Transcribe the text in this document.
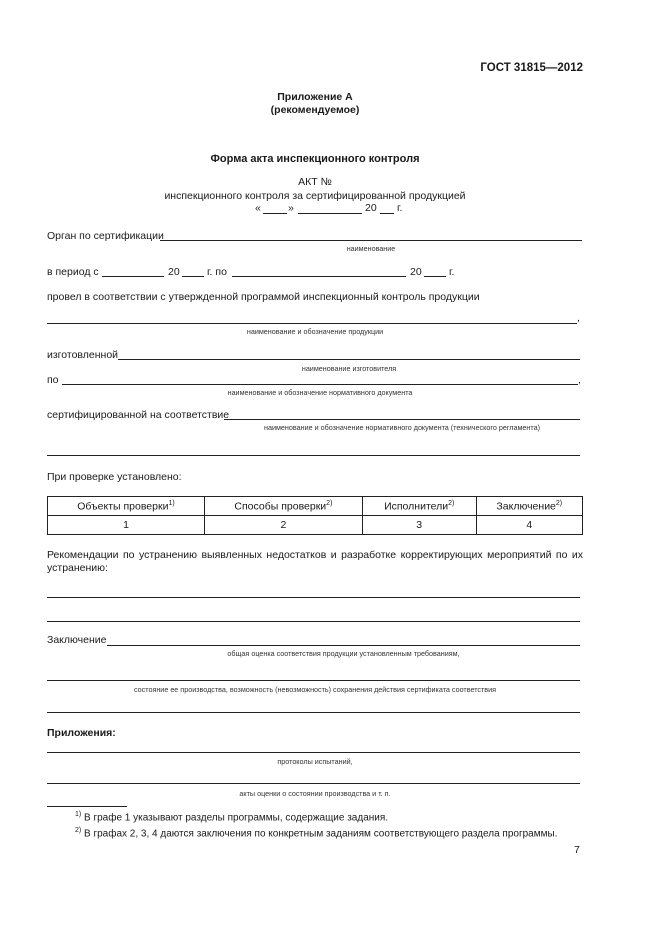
ГОСТ 31815—2012
Приложение А
(рекомендуемое)
Форма акта инспекционного контроля
АКТ №
инспекционного контроля за сертифицированной продукцией
«	»	20 г.
Орган по сертификации
наименование
в период с	20	г. по	20	г.
провел в соответствии с утвержденной программой инспекционный контроль продукции
,
наименование и обозначение продукции
изготовленной
наименование изготовителя
по	,
наименование и обозначение нормативного документа
сертифицированной на соответствие
наименование и обозначение нормативного документа (технического регламента)
При проверке установлено:
Объекты проверки$^{1)}$	Способы проверки$^{2)}$	Исполнители$^{2)}$	Заключение$^{2)}$
1	2	3	4
Рекомендации по устранению выявленных недостатков и разработке корректирующих мероприятий по их устранению:
Заключение
общая оценка соответствия продукции установленным требованиям,
состояние ее производства, возможность (невозможность) сохранения действия сертификата соответствия
Приложения:
протоколы испытаний,
акты оценки о состоянии производства и т. п.
$^{1)}$ В графе 1 указывают разделы программы, содержащие задания.
$^{2)}$ В графах 2, 3, 4 даются заключения по конкретным заданиям соответствующего раздела программы.
7
